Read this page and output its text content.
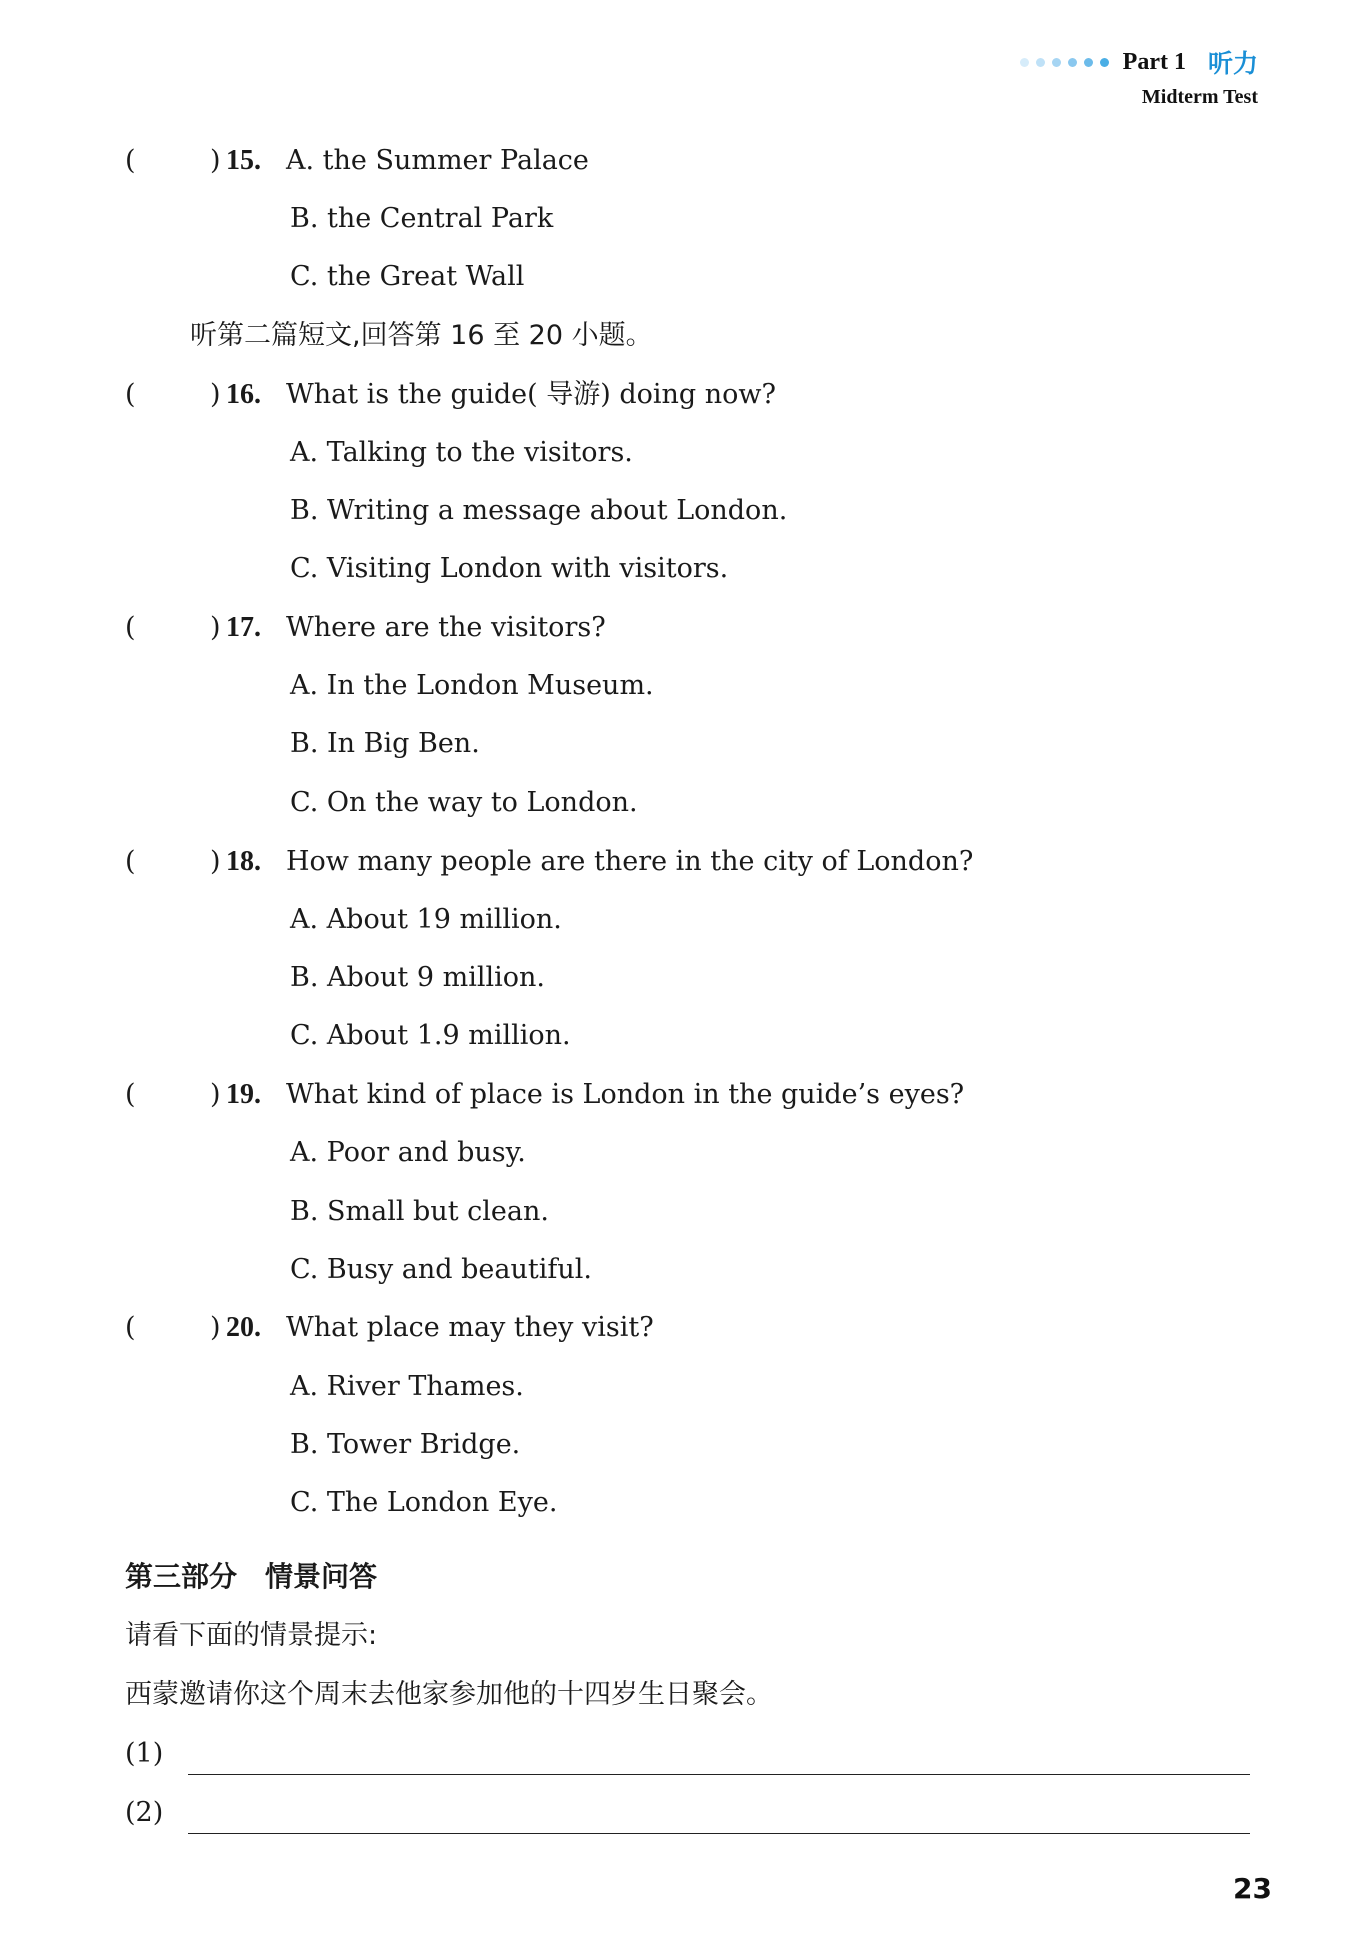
Part 1 听力
Midterm Test
(	) 15. A. the Summer Palace
B. the Central Park
C. the Great Wall
听第二篇短文,回答第 16 至 20 小题。
(	) 16. What is the guide( 导游) doing now?
A. Talking to the visitors.
B. Writing a message about London.
C. Visiting London with visitors.
(	) 17. Where are the visitors?
A. In the London Museum.
B. In Big Ben.
C. On the way to London.
(	) 18. How many people are there in the city of London?
A. About 19 million.
B. About 9 million.
C. About 1.9 million.
(	) 19. What kind of place is London in the guide’s eyes?
A. Poor and busy.
B. Small but clean.
C. Busy and beautiful.
(	) 20. What place may they visit?
A. River Thames.
B. Tower Bridge.
C. The London Eye.
第三部分　情景问答
请看下面的情景提示:
西蒙邀请你这个周末去他家参加他的十四岁生日聚会。
(1)
(2)
23
